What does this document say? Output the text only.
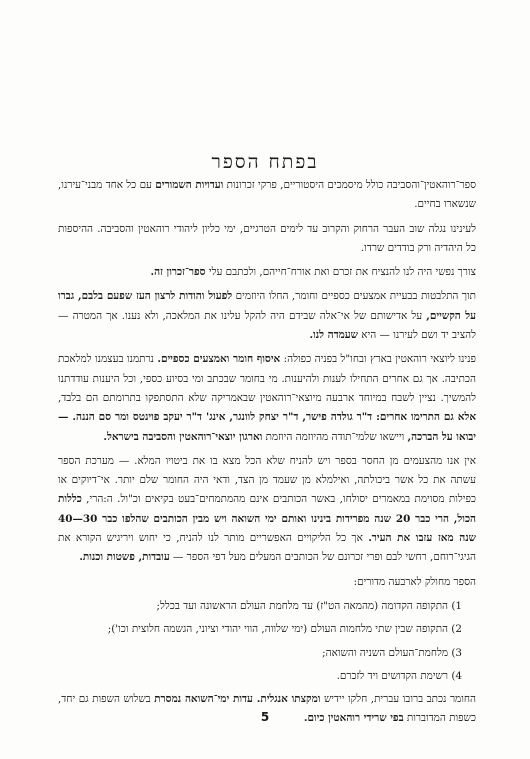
בפתח הספר

ספר־רוהאטין־והסביבה כולל מיסמכים היסטוריים, פרקי זכרונות ועדויות השמורים עם כל אחד מבני־עירנו, שנשארו בחיים.

לעינינו נגלה שוב העבר הרחוק והקרוב עד לימים הטרגיים, ימי כליון ליהודי רוהאטין והסביבה. ההיספות כל היהדיה ורק בודדים שרדו.

צורך נפשי היה לנו להנציח את זכרם ואת אורח־חייהם, ולכתבם עלי ספר־זכרון זה.

תוך התלבטות בבעיית אמצעים כספיים וחומר, החלו היוזמים לפעול והודות לרצון העז שפעם בלבם, גברו על הקשיים, על אדישותם של אי־אלה שבידם היה להקל עלינו את המלאכה, ולא נענו. אך המטרה — להציב יד ושם לעירנו — היא שעמדה לנו.

פנינו ליוצאי רוהאטין בארץ ובחו"ל בפניה כפולה: איסוף חומר ואמצעים כספיים. נרתמנו בעצמנו למלאכת הכתיבה. אך גם אחרים התחילו לענות ולהיענות. מי בחומר שבכתב ומי בסיוע כספי, וכל היענות עודדתנו להמשיך. נציין לשבח במיוחד ארבעה מיוצאי־רוהאטין שבאמריקה שלא התסתפקו בתרומתם הם בלבד, אלא גם התרימו אחרים: ד"ר גולדה פישר, ד"ר יצחק לוונגר, אינג' ד"ר יעקב פוינטס ומר סם הננה. — יבואו על הברכה, ויישאו שלמי־תודה מהיוזמה היוזמת וארגון יוצאי־רוהאטין והסביבה בישראל.

אין אנו מהצעמים מן החסר בספר ויש להניח שלא הכל מצא בו את ביטויו המלא. — מערכת הספר עשתה את כל אשר ביכולתה, ואילמלא מן שעמד מן הצד, ודאי היה החומר שלם יותר. אי־דיוקים או כפילות מסוימת במאמרים יסולחו, באשר הכותבים אינם מהמתמחים־בעט בקיאים וכ"ול. ה:הרי, כללות הכול, הרי כבר 20 שנה מפרידות בינינו ואותם ימי השואה ויש מבין הכותבים שהלפו כבר 30—40 שנה מאז עזבו את העיר. אך כל הליקויים האפשריים מותר לנו להניח, כי יחוש ויריגיש הקורא את הגיגי־רוחם, רחשי לבם ופרי זכרונם של הכותבים המעלים מעל דפי הספר — עובדות, פשטות וכנות.

הספר מחולק לארבעה מדורים:

1) התקופה הקדומה (מהמאה הט"ז) עד מלחמת העולם הראשונה ועד בכלל;
2) התקופה שבין שתי מלחמות העולם (ימי שלווה, הווי יהודי וציוני, הגשמה חלוצית וכו');
3) מלחמת־העולם השניה והשואה;
4) רשימת הקדושים ויד לזכרם.

החומר נכתב ברובו עברית, חלקו יידיש ומקצתו אנגלית. עדות ימי־השואה נמסרת בשלוש השפות גם יחד, כשפות המדוברות בפי שרידי רוהאטין כיום.

5
